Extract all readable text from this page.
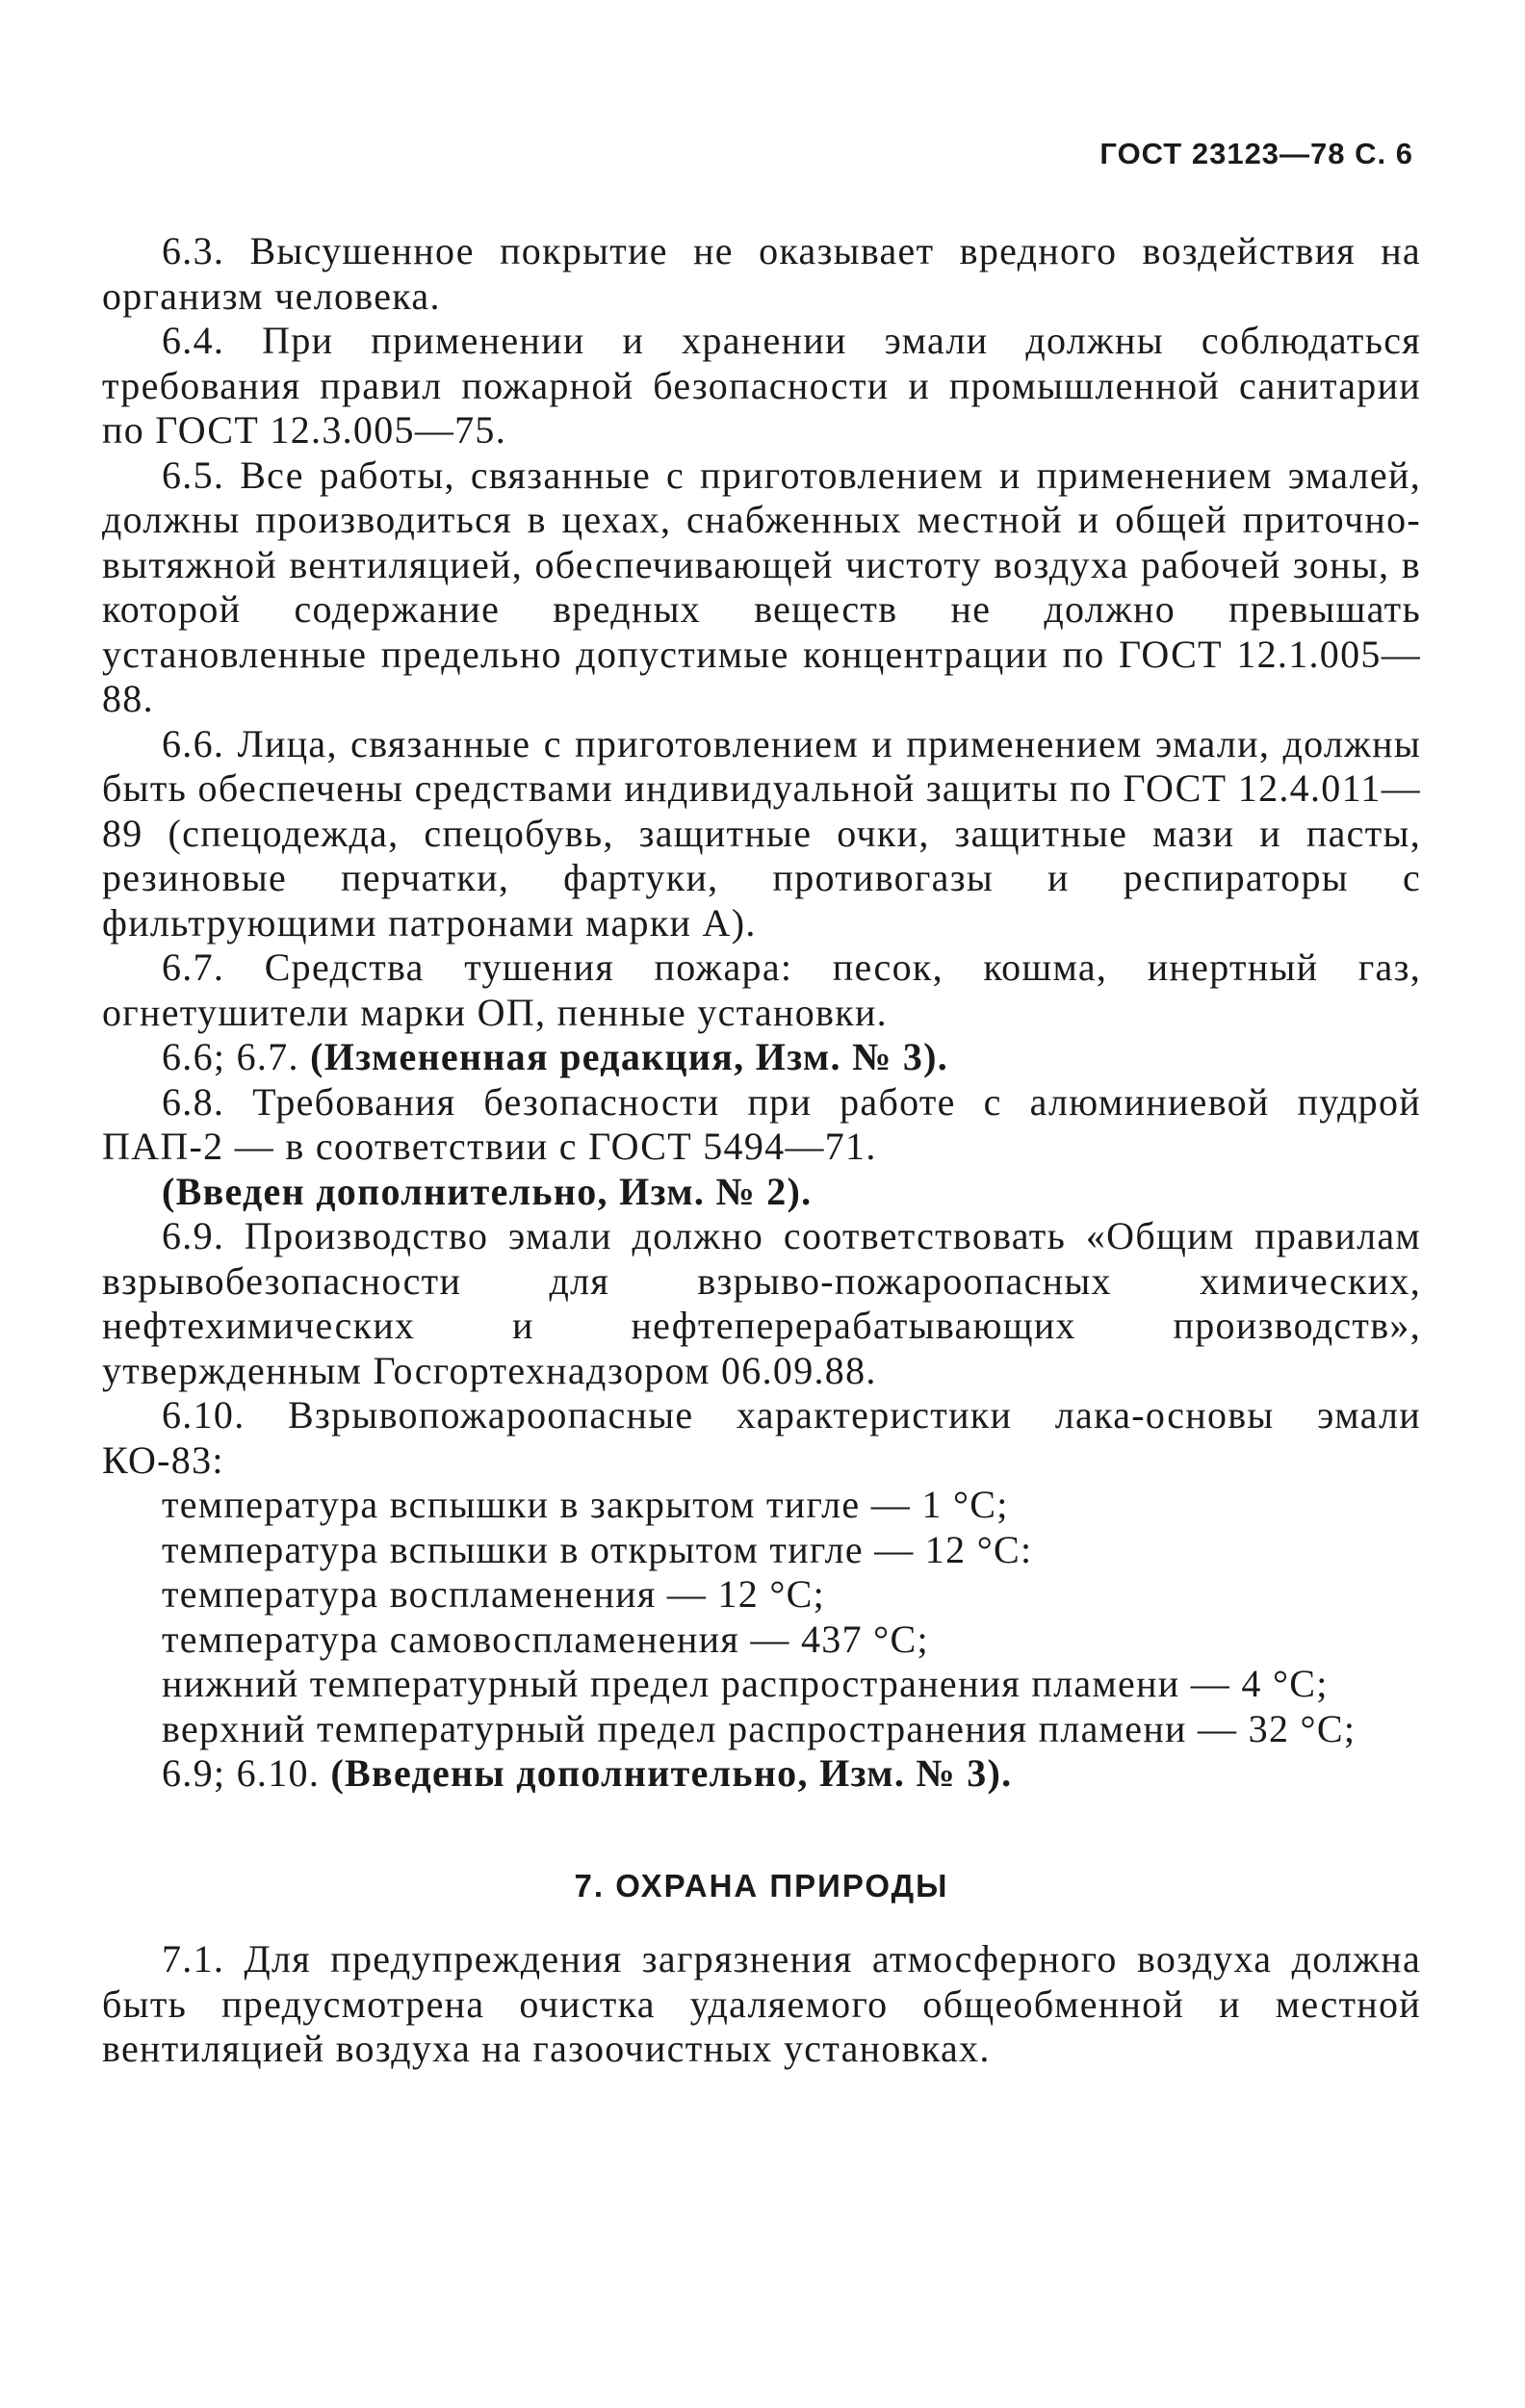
ГОСТ 23123—78 С. 6

6.3. Высушенное покрытие не оказывает вредного воздействия на организм человека.

6.4. При применении и хранении эмали должны соблюдаться требования правил пожарной безопасности и промышленной санитарии по ГОСТ 12.3.005—75.

6.5. Все работы, связанные с приготовлением и применением эмалей, должны производиться в цехах, снабженных местной и общей приточно-вытяжной вентиляцией, обеспечивающей чистоту воздуха рабочей зоны, в которой содержание вредных веществ не должно превышать установленные предельно допустимые концентрации по ГОСТ 12.1.005—88.

6.6. Лица, связанные с приготовлением и применением эмали, должны быть обеспечены средствами индивидуальной защиты по ГОСТ 12.4.011—89 (спецодежда, спецобувь, защитные очки, защитные мази и пасты, резиновые перчатки, фартуки, противогазы и респираторы с фильтрующими патронами марки А).

6.7. Средства тушения пожара: песок, кошма, инертный газ, огнетушители марки ОП, пенные установки.

6.6; 6.7. (Измененная редакция, Изм. № 3).

6.8. Требования безопасности при работе с алюминиевой пудрой ПАП-2 — в соответствии с ГОСТ 5494—71.

(Введен дополнительно, Изм. № 2).

6.9. Производство эмали должно соответствовать «Общим правилам взрывобезопасности для взрыво-пожароопасных химических, нефтехимических и нефтеперерабатывающих производств», утвержденным Госгортехнадзором 06.09.88.

6.10. Взрывопожароопасные характеристики лака-основы эмали КО-83:

температура вспышки в закрытом тигле — 1 °С;

температура вспышки в открытом тигле — 12 °С:

температура воспламенения — 12 °С;

температура самовоспламенения — 437 °С;

нижний температурный предел распространения пламени — 4 °С;

верхний температурный предел распространения пламени — 32 °С;

6.9; 6.10. (Введены дополнительно, Изм. № 3).

7. ОХРАНА ПРИРОДЫ

7.1. Для предупреждения загрязнения атмосферного воздуха должна быть предусмотрена очистка удаляемого общеобменной и местной вентиляцией воздуха на газоочистных установках.
